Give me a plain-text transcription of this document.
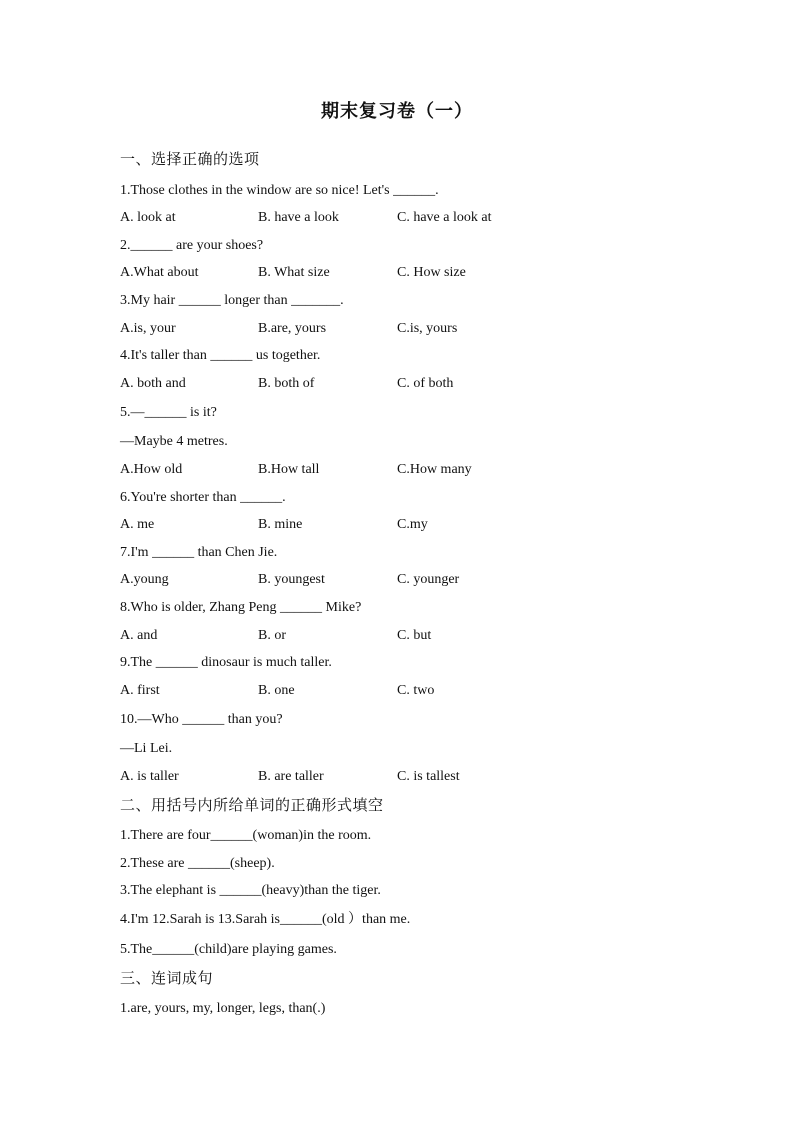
期末复习卷（一）
一、选择正确的选项
1.Those clothes in the window are so nice! Let's ______.
A. look at	B. have a look	C. have a look at
2.______ are your shoes?
A.What about	B. What size	C. How size
3.My hair ______ longer than _______.
A.is, your	B.are, yours	C.is, yours
4.It's taller than ______ us together.
A. both and	B. both of	C. of both
5.—______ is it?
—Maybe 4 metres.
A.How old	B.How tall	C.How many
6.You're shorter than ______.
A. me	B. mine	C.my
7.I'm ______ than Chen Jie.
A.young	B. youngest	C. younger
8.Who is older, Zhang Peng ______ Mike?
A. and	B. or	C. but
9.The ______ dinosaur is much taller.
A. first	B. one	C. two
10.—Who ______ than you?
—Li Lei.
A. is taller	B. are taller	C. is tallest
二、用括号内所给单词的正确形式填空
1.There are four______(woman)in the room.
2.These are ______(sheep).
3.The elephant is ______(heavy)than the tiger.
4.I'm 12.Sarah is 13.Sarah is______(old ）than me.
5.The______(child)are playing games.
三、连词成句
1.are, yours, my, longer, legs, than(.)
